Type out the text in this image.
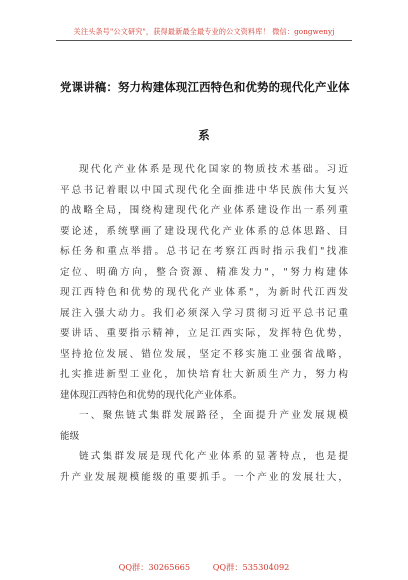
关注头条号"公文研究"，获得最新最全最专业的公文资料库！ 微信：gongwenyj
党课讲稿：努力构建体现江西特色和优势的现代化产业体
系
现代化产业体系是现代化国家的物质技术基础。习近
平总书记着眼以中国式现代化全面推进中华民族伟大复兴
的战略全局，围绕构建现代化产业体系建设作出一系列重
要论述，系统擘画了建设现代化产业体系的总体思路、目
标任务和重点举措。总书记在考察江西时指示我们"找准
定位、明确方向，整合资源、精准发力"，"努力构建体
现江西特色和优势的现代化产业体系"，为新时代江西发
展注入强大动力。我们必须深入学习贯彻习近平总书记重
要讲话、重要指示精神，立足江西实际，发挥特色优势，
坚持抢位发展、错位发展，坚定不移实施工业强省战略，
扎实推进新型工业化，加快培育壮大新质生产力，努力构
建体现江西特色和优势的现代化产业体系。
一、聚焦链式集群发展路径，全面提升产业发展规模
能级
链式集群发展是现代化产业体系的显著特点，也是提
升产业发展规模能级的重要抓手。一个产业的发展壮大，
QQ群：30265665	QQ群：535304092
